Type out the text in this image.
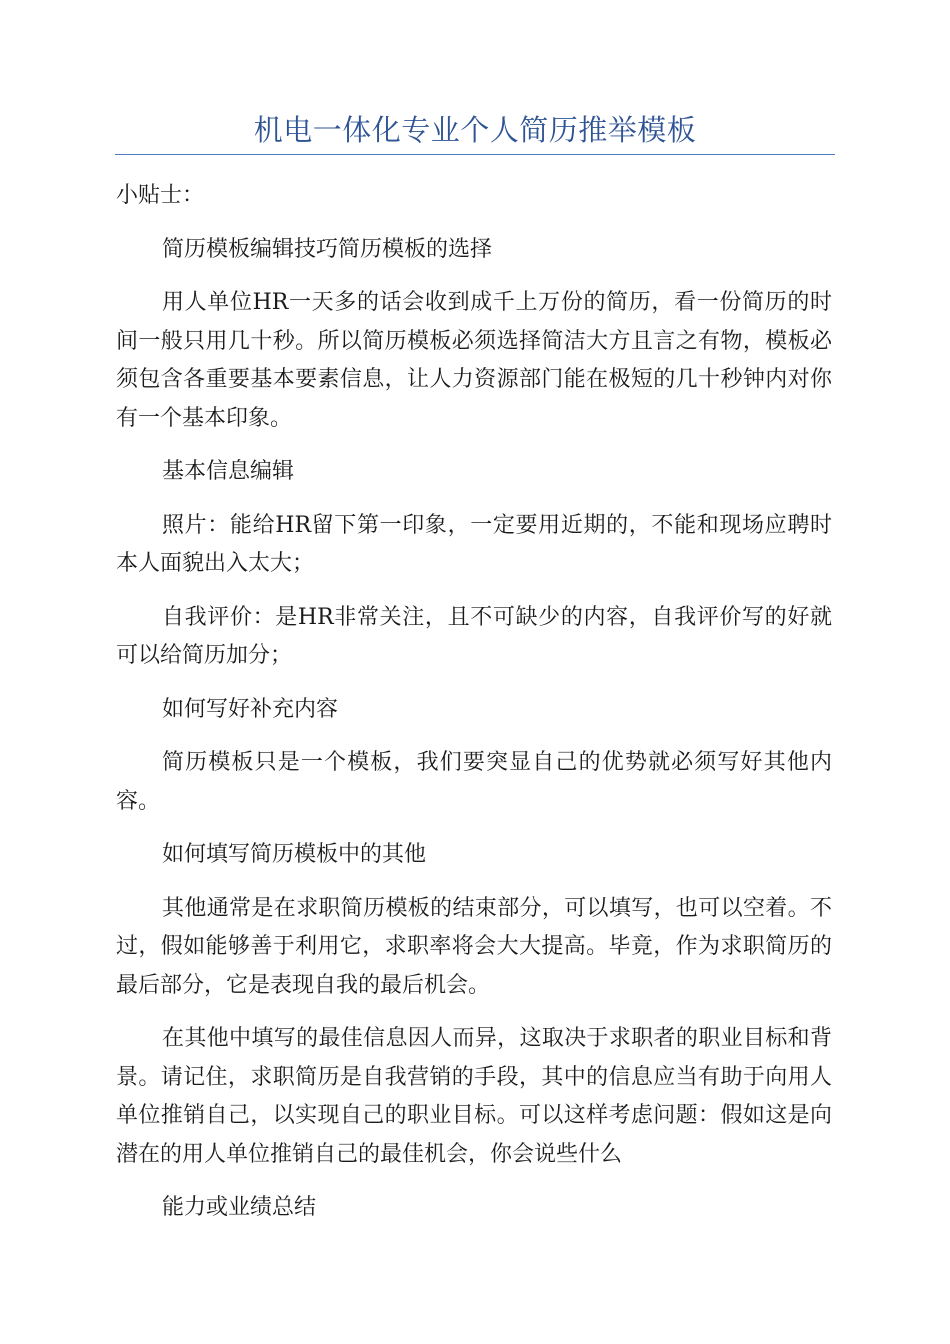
机电一体化专业个人简历推举模板

小贴士：

简历模板编辑技巧简历模板的选择

用人单位HR一天多的话会收到成千上万份的简历，看一份简历的时间一般只用几十秒。所以简历模板必须选择简洁大方且言之有物，模板必须包含各重要基本要素信息，让人力资源部门能在极短的几十秒钟内对你有一个基本印象。

基本信息编辑

照片：能给HR留下第一印象，一定要用近期的，不能和现场应聘时本人面貌出入太大；

自我评价：是HR非常关注，且不可缺少的内容，自我评价写的好就可以给简历加分；

如何写好补充内容

简历模板只是一个模板，我们要突显自己的优势就必须写好其他内容。

如何填写简历模板中的其他

其他通常是在求职简历模板的结束部分，可以填写，也可以空着。不过，假如能够善于利用它，求职率将会大大提高。毕竟，作为求职简历的最后部分，它是表现自我的最后机会。

在其他中填写的最佳信息因人而异，这取决于求职者的职业目标和背景。请记住，求职简历是自我营销的手段，其中的信息应当有助于向用人单位推销自己，以实现自己的职业目标。可以这样考虑问题：假如这是向潜在的用人单位推销自己的最佳机会，你会说些什么

能力或业绩总结
